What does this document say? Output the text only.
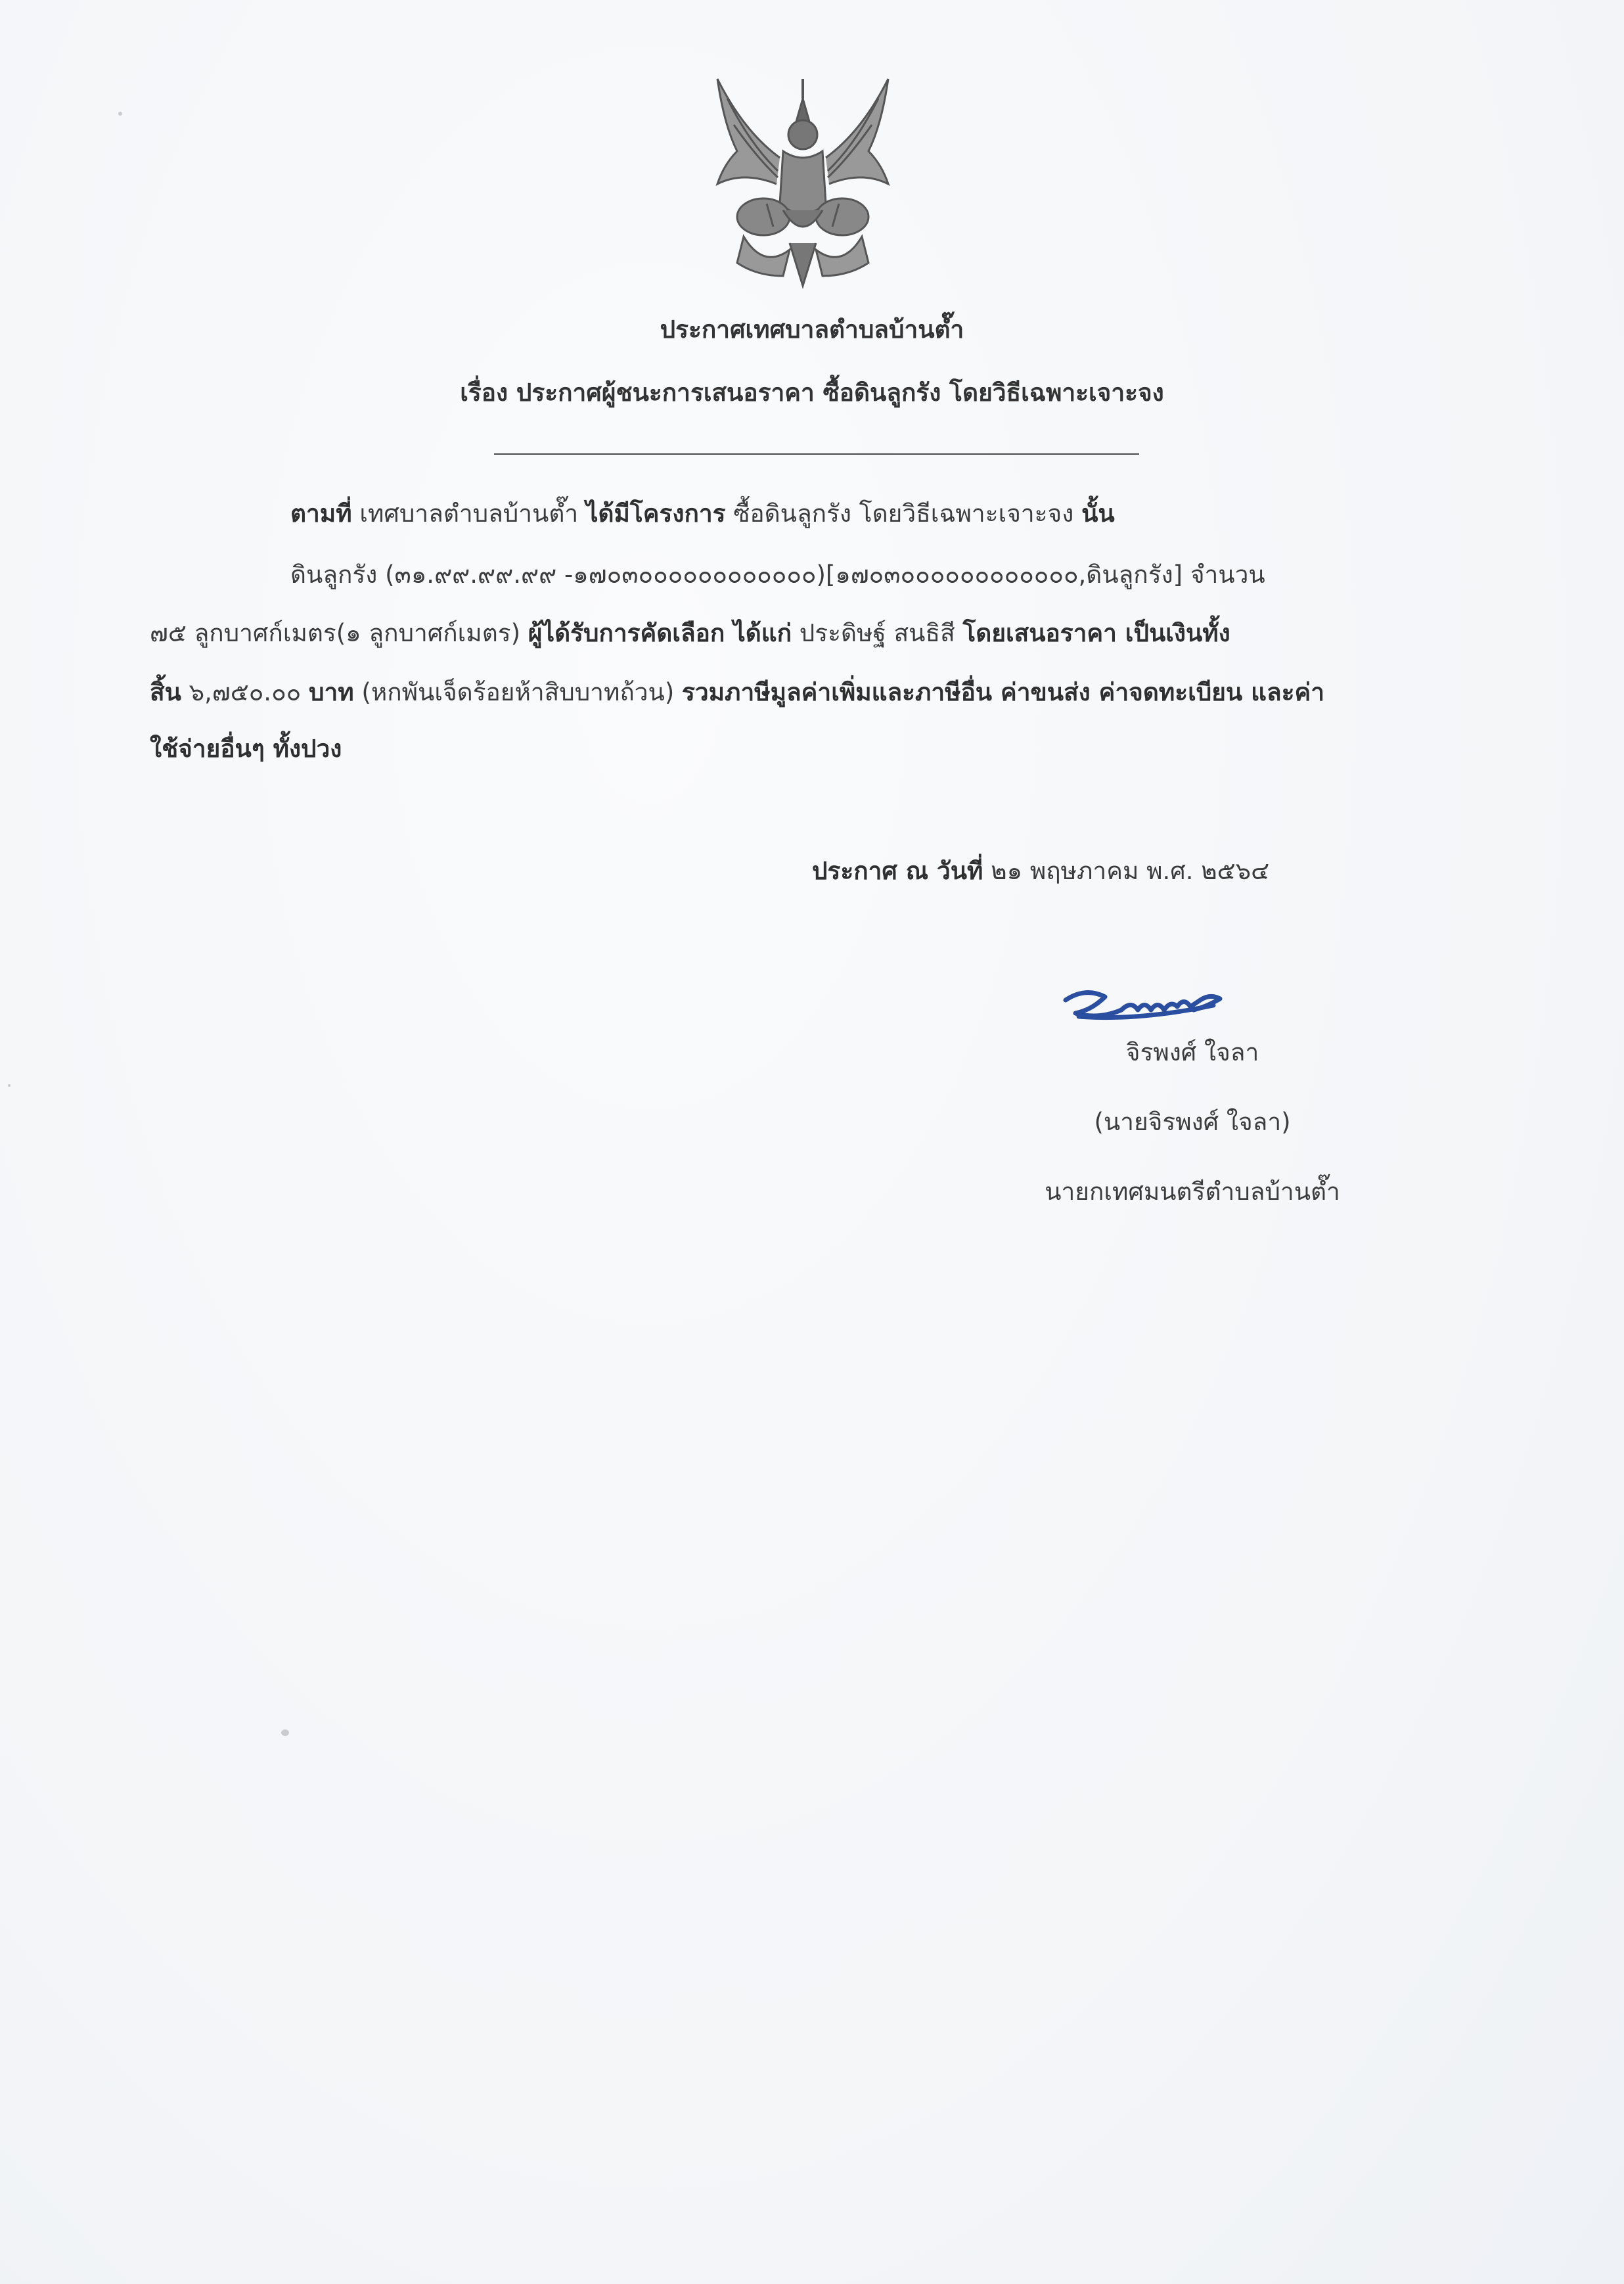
ประกาศเทศบาลตำบลบ้านต๊ำ
เรื่อง ประกาศผู้ชนะการเสนอราคา ซื้อดินลูกรัง โดยวิธีเฉพาะเจาะจง
ตามที่ เทศบาลตำบลบ้านต๊ำ ได้มีโครงการ ซื้อดินลูกรัง โดยวิธีเฉพาะเจาะจง นั้น
ดินลูกรัง (๓๑.๙๙.๙๙.๙๙ -๑๗๐๓๐๐๐๐๐๐๐๐๐๐๐๐)[๑๗๐๓๐๐๐๐๐๐๐๐๐๐๐๐,ดินลูกรัง] จำนวน
๗๕ ลูกบาศก์เมตร(๑ ลูกบาศก์เมตร) ผู้ได้รับการคัดเลือก ได้แก่ ประดิษฐ์ สนธิสี โดยเสนอราคา เป็นเงินทั้ง
สิ้น ๖,๗๕๐.๐๐ บาท (หกพันเจ็ดร้อยห้าสิบบาทถ้วน) รวมภาษีมูลค่าเพิ่มและภาษีอื่น ค่าขนส่ง ค่าจดทะเบียน และค่า
ใช้จ่ายอื่นๆ ทั้งปวง
ประกาศ ณ วันที่ ๒๑ พฤษภาคม พ.ศ. ๒๕๖๔
จิรพงศ์ ใจลา
(นายจิรพงศ์ ใจลา)
นายกเทศมนตรีตำบลบ้านต๊ำ
